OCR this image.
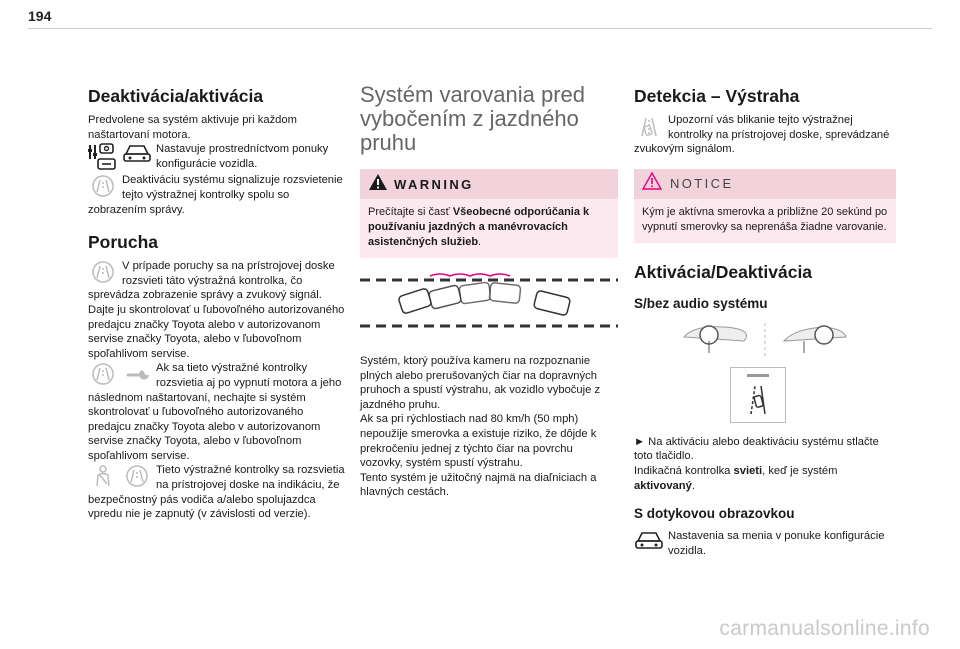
194
Deaktivácia/aktivácia

Predvolene sa systém aktivuje pri každom naštartovaní motora.

Nastavuje prostredníctvom ponuky konfigurácie vozidla.

Deaktiváciu systému signalizuje rozsvietenie tejto výstražnej kontrolky spolu so zobrazením správy.

Porucha

V prípade poruchy sa na prístrojovej doske rozsvieti táto výstražná kontrolka, čo sprevádza zobrazenie správy a zvukový signál.

Dajte ju skontrolovať u ľubovoľného autorizovaného predajcu značky Toyota alebo v autorizovanom servise značky Toyota, alebo v ľubovoľnom spoľahlivom servise.

Ak sa tieto výstražné kontrolky rozsvietia aj po vypnutí motora a jeho následnom naštartovaní, nechajte si systém skontrolovať u ľubovoľného autorizovaného predajcu značky Toyota alebo v autorizovanom servise značky Toyota, alebo v ľubovoľnom spoľahlivom servise.

Tieto výstražné kontrolky sa rozsvietia na prístrojovej doske na indikáciu, že bezpečnostný pás vodiča a/alebo spolujazdca vpredu nie je zapnutý (v závislosti od verzie).

Systém varovania pred vybočením z jazdného pruhu
WARNING
Prečítajte si časť Všeobecné odporúčania k používaniu jazdných a manévrovacích asistenčných služieb.

Systém, ktorý používa kameru na rozpoznanie plných alebo prerušovaných čiar na dopravných pruhoch a spustí výstrahu, ak vozidlo vybočuje z jazdného pruhu.

Ak sa pri rýchlostiach nad 80 km/h (50 mph) nepoužije smerovka a existuje riziko, že dôjde k prekročeniu jednej z týchto čiar na povrchu vozovky, systém spustí výstrahu.

Tento systém je užitočný najmä na diaľniciach a hlavných cestách.

Detekcia – Výstraha

Upozorní vás blikanie tejto výstražnej kontrolky na prístrojovej doske, sprevádzané zvukovým signálom.

NOTICE
Kým je aktívna smerovka a približne 20 sekúnd po vypnutí smerovky sa neprenáša žiadne varovanie.
Aktivácia/Deaktivácia
S/bez audio systému

► Na aktiváciu alebo deaktiváciu systému stlačte toto tlačidlo.

Indikačná kontrolka svieti, keď je systém aktivovaný.

S dotykovou obrazovkou

Nastavenia sa menia v ponuke konfigurácie vozidla.

carmanualsonline.info
